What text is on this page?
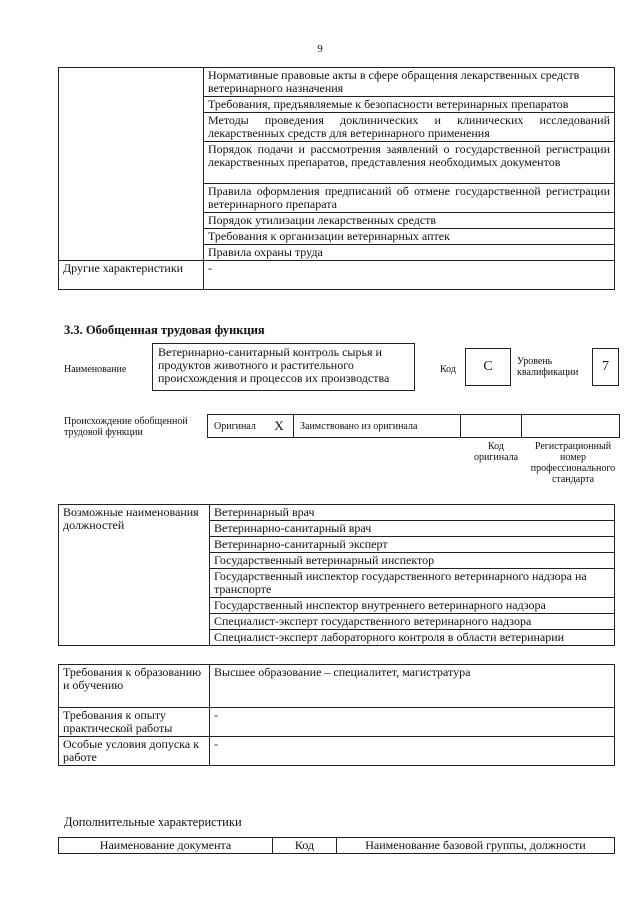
9
	Нормативные правовые акты в сфере обращения лекарственных средств ветеринарного назначения
	Требования, предъявляемые к безопасности ветеринарных препаратов
	Методы проведения доклинических и клинических исследований лекарственных средств для ветеринарного применения
	Порядок подачи и рассмотрения заявлений о государственной регистрации лекарственных препаратов, представления необходимых документов
	Правила оформления предписаний об отмене государственной регистрации ветеринарного препарата
	Порядок утилизации лекарственных средств
	Требования к организации ветеринарных аптек
	Правила охраны труда
Другие характеристики	-
3.3. Обобщенная трудовая функция
Наименование
Ветеринарно-санитарный контроль сырья и продуктов животного и растительного происхождения и процессов их производства
Код	C	Уровень квалификации	7
Происхождение обобщенной трудовой функции
Оригинал	X	Заимствовано из оригинала
Код оригинала
Регистрационный номер профессионального стандарта
Возможные наименования должностей	Ветеринарный врач
Ветеринарно-санитарный врач
Ветеринарно-санитарный эксперт
Государственный ветеринарный инспектор
Государственный инспектор государственного ветеринарного надзора на транспорте
Государственный инспектор внутреннего ветеринарного надзора
Специалист-эксперт государственного ветеринарного надзора
Специалист-эксперт лабораторного контроля в области ветеринарии
Требования к образованию и обучению	Высшее образование – специалитет, магистратура
Требования к опыту практической работы	-
Особые условия допуска к работе	-
Дополнительные характеристики
Наименование документа	Код	Наименование базовой группы, должности
